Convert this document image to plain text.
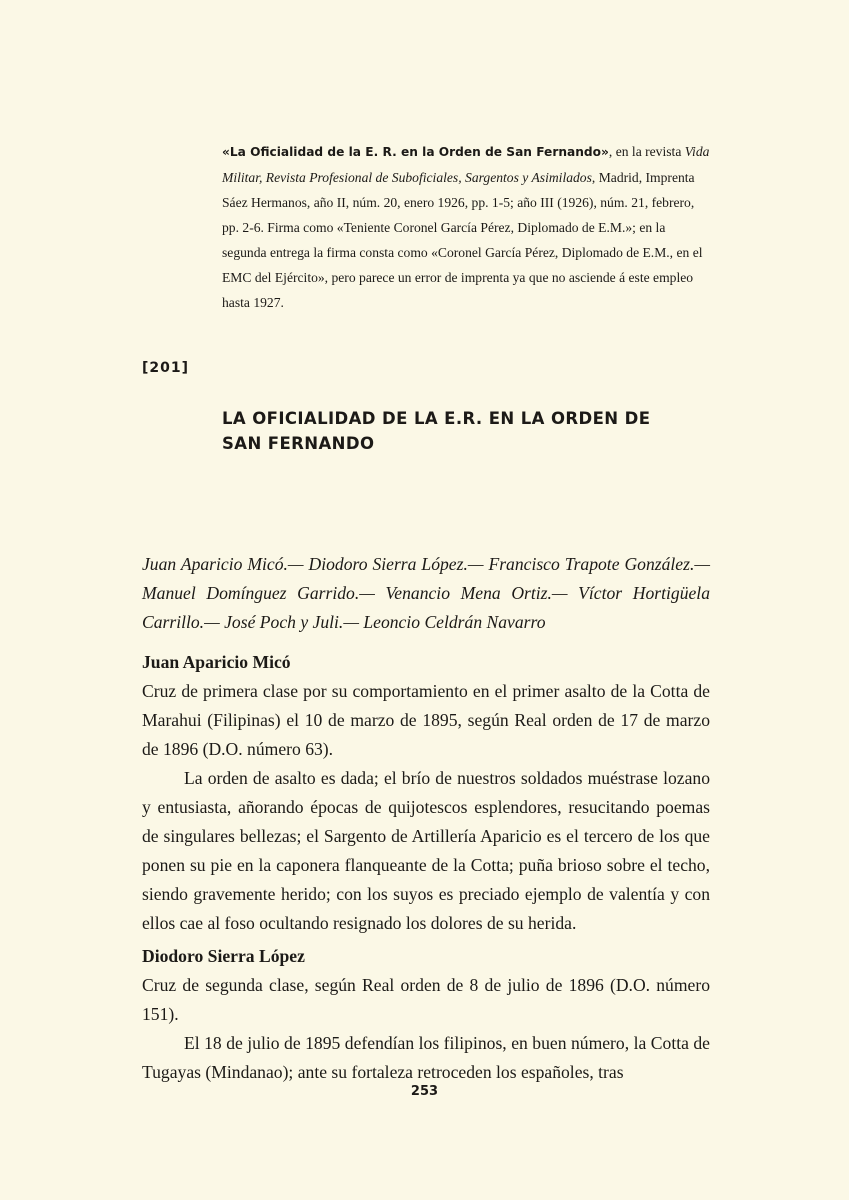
«La Oficialidad de la E. R. en la Orden de San Fernando», en la revista Vida Militar, Revista Profesional de Suboficiales, Sargentos y Asimilados, Madrid, Imprenta Sáez Hermanos, año II, núm. 20, enero 1926, pp. 1-5; año III (1926), núm. 21, febrero, pp. 2-6. Firma como «Teniente Coronel García Pérez, Diplomado de E.M.»; en la segunda entrega la firma consta como «Coronel García Pérez, Diplomado de E.M., en el EMC del Ejército», pero parece un error de imprenta ya que no asciende á este empleo hasta 1927.
[201]
LA OFICIALIDAD DE LA E.R. EN LA ORDEN DE SAN FERNANDO
Juan Aparicio Micó.— Diodoro Sierra López.— Francisco Trapote González.— Manuel Domínguez Garrido.— Venancio Mena Ortiz.— Víctor Hortigüela Carrillo.— José Poch y Juli.— Leoncio Celdrán Navarro
Juan Aparicio Micó

Cruz de primera clase por su comportamiento en el primer asalto de la Cotta de Marahui (Filipinas) el 10 de marzo de 1895, según Real orden de 17 de marzo de 1896 (D.O. número 63).

La orden de asalto es dada; el brío de nuestros soldados muéstrase lozano y entusiasta, añorando épocas de quijotescos esplendores, resucitando poemas de singulares bellezas; el Sargento de Artillería Aparicio es el tercero de los que ponen su pie en la caponera flanqueante de la Cotta; puña brioso sobre el techo, siendo gravemente herido; con los suyos es preciado ejemplo de valentía y con ellos cae al foso ocultando resignado los dolores de su herida.

Diodoro Sierra López

Cruz de segunda clase, según Real orden de 8 de julio de 1896 (D.O. número 151).

El 18 de julio de 1895 defendían los filipinos, en buen número, la Cotta de Tugayas (Mindanao); ante su fortaleza retroceden los españoles, tras

253
